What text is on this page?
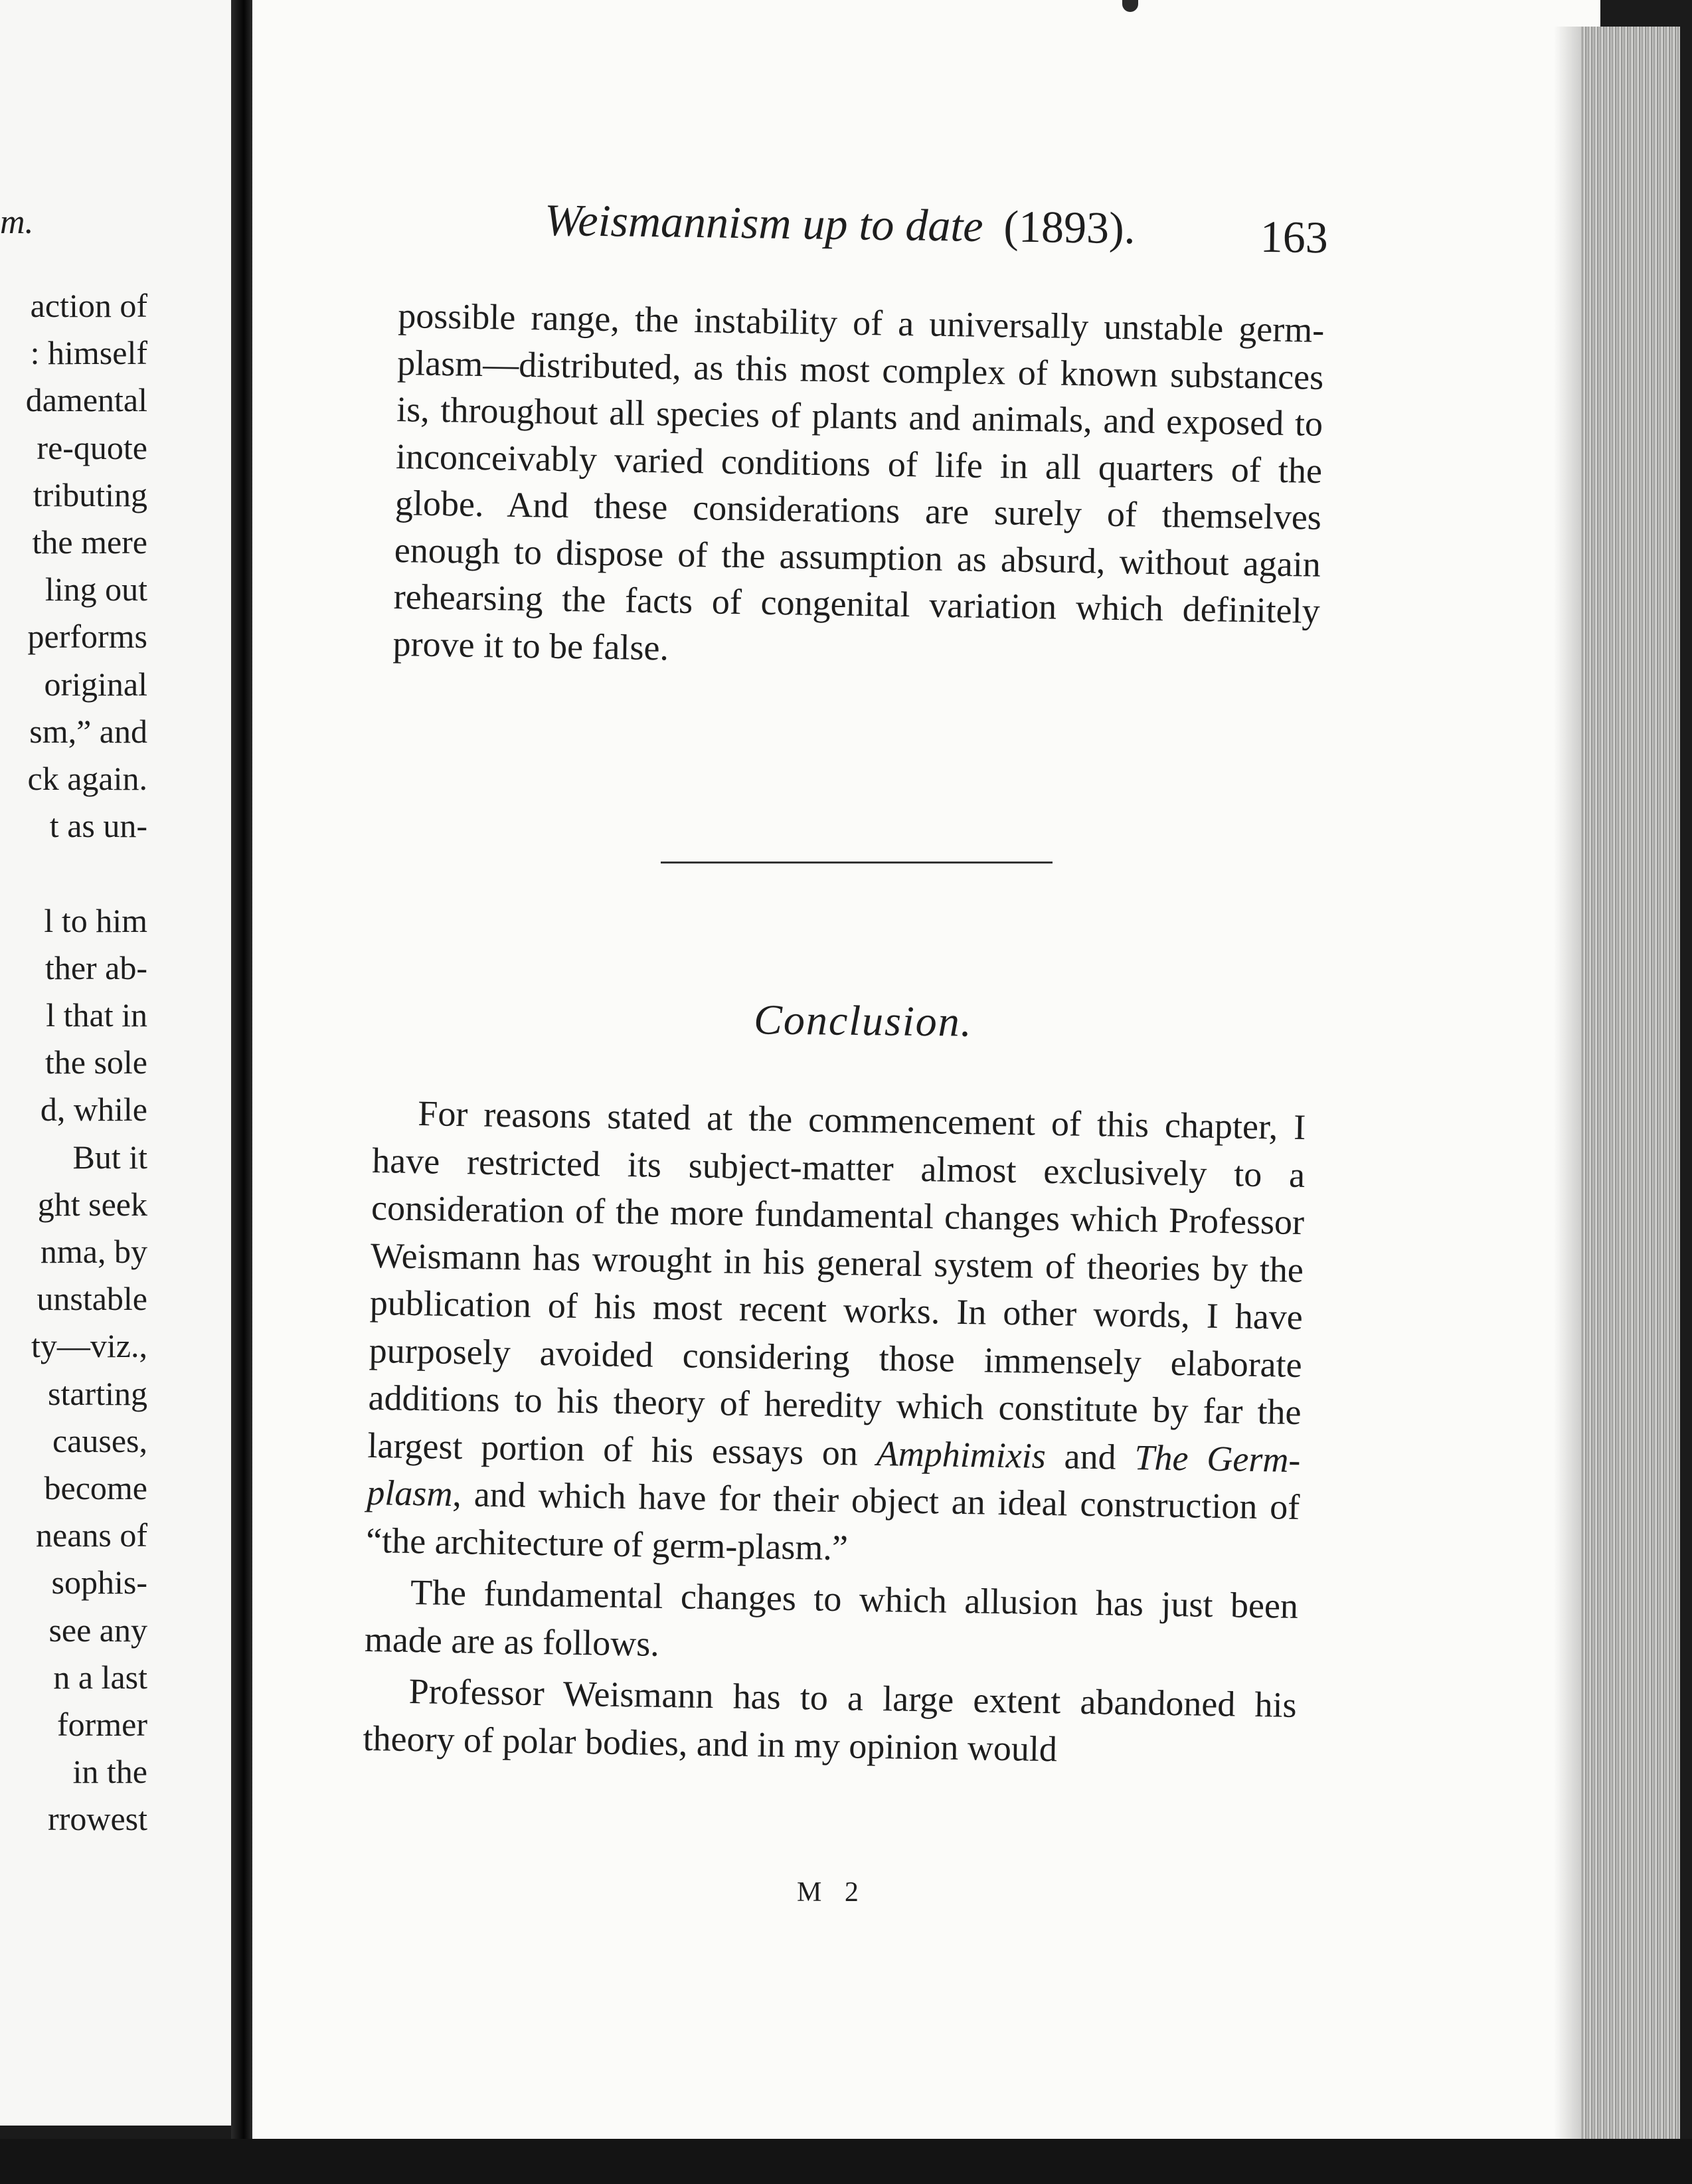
m.
action of
: himself
damental
re-quote
tributing
the mere
ling out
performs
original
sm,” and
ck again.
t as un-
l to him
ther ab-
l that in
the sole
d, while
But it
ght seek
nma, by
unstable
ty—viz.,
starting
causes,
become
neans of
sophis-
see any
n a last
former
in the
rrowest
Weismannism up to date (1893).	163

possible range, the instability of a universally unstable germ-plasm—distributed, as this most complex of known substances is, throughout all species of plants and animals, and exposed to inconceivably varied conditions of life in all quarters of the globe. And these considerations are surely of themselves enough to dispose of the assumption as absurd, without again rehearsing the facts of congenital variation which definitely prove it to be false.

Conclusion.

For reasons stated at the commencement of this chapter, I have restricted its subject-matter almost exclusively to a consideration of the more fundamental changes which Professor Weismann has wrought in his general system of theories by the publication of his most recent works. In other words, I have purposely avoided considering those immensely elaborate additions to his theory of heredity which constitute by far the largest portion of his essays on Amphimixis and The Germ-plasm, and which have for their object an ideal construction of “the architecture of germ-plasm.”

The fundamental changes to which allusion has just been made are as follows.

Professor Weismann has to a large extent abandoned his theory of polar bodies, and in my opinion would

M 2
